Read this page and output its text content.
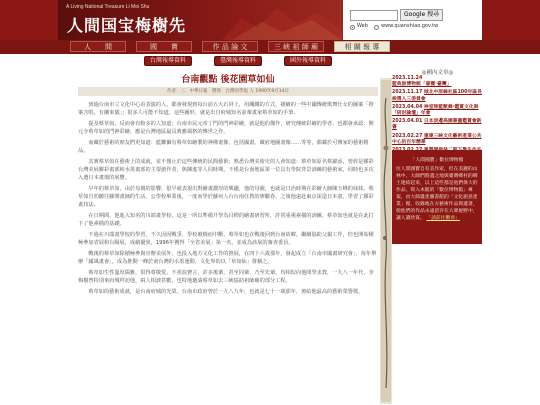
A Living National Treasure Li Mei Shu
人間国宝梅樹先
Google 搜尋
Web	www.quanshiao.gov.tw
人　　間	國　　寶	作 品 論 文	三 峽 祖 師 廟	相 關 報 導
台灣報導資料	臺灣報導資料	國外報導資料
台南觀點 後花園草如仙
作者：三．中華日報　撰寫：台灣的學報 人 1990年9月14日

到過台南市立文化中心看表演的人，都會發現到每台前五大石屏上，用繩繩的方式，描繪的一些中國傳統歌舞仕女的圖案「推案含唱，有蘭來儀」；很多人可能不知道，這些圖形，就是出自府城知名前輩畫家蔡草如的手筆。

提及蔡草如，反而會有較多的人知道；台南市民元帝丁門的門神彩繪，就是他的傑作，研究傳統彩繪的學者，也都會承認：開元寺蔡草如的門神彩繪，應是台灣地區最具典雅風格的傳世之作。

而藏於藝術的朋友們更知道：藍雛獅有蔡草如繪製的神佛畫像，包括國畫、藏府地圖畫像……等等，都藏於可傳家的藝術精品。

其實蔡草如在藝術上的成就，並不僅止於這些傳統的民間藝術；熟悉台灣美術史的人會知道：蔡草如原名蔡錦添，曾經是膠彩台灣美展膠彩畫部和水墨畫部的主要創作者，與陳進等人同時期，不僅是台南地區第一位具有學院背景訓練的藝術家，同時也多次入選日本畫壇的展覽。

早年的蔡草如，由於母親的影響，很早就表現出對繪畫濃厚的興趣，他的母親，也就是日治時期在彩繪大師陳玉峰的妹妹，蔡草如自幼聽往蘇開畫師的生活。公學校畢業後，一度而學於蘇州人台台南任教的廖繼春，之後他遠赴東京深造日本畫，學習了膠彩畫技法。

在日期間，他進入知名的川端畫學校，這是一所以準備升學為目標的繪畫研習所，許常重視素描的訓練。蔡草如也就是在此打下了他素描的基礎。

不過在川端畫學校的學習，不久因因戰爭，學校被燒而中斷，蔡草如也在戰後回到台南故鄉，繼續協助父親工作，但也開始積極參加省展和台陽展，成績優異，1996年獲得「全省美展」第一名，並成為該展的審查委員。

戰後的蔡草如除積極參與官辦美展外，也投入地方文化工作的推展，在四十六歲那年，發起成立「台南市國畫研究會」，每年舉辦「國風畫會」，成為推動一峰於南台灣的水墨運動，文化界的以「草如仙」尊稱之。

蔡草如生性溫厚儒雅，很得尊敬愛，不喜浪費言，許多後輩，甚至同輩，乃至先輩，均相似向他問學求教，一九八一年代，李梅樹曾特別來府城拜訪他，兩人相談甚歡，也特地邀請蔡草如去三峽協助祖師廟的部分工程。

蔡草如的藝術成就，是台南府城的光榮。台南市政府曾於一九八九年，也就是七十一歲那年，頒給他最高的藝術榮譽獎。

◎國內文章◎
2023.11.24 藍典說博物館「碳覆·臺灣」
2023.11.17 城北中原線社區100年區長候選人三委員會
2023.04.04 神室陸藍獸舞·鑑賞文化與「研討論壇」年會
2023.04.01 日本淡邊高園書畫鑑賞會新書
2023.02.27 重建三峽文化藝術產業公共中心的百年精華
「人間國寶」數位博物館
位人間國寶自有美作家，但在美麗的山林中，大師們將遺之地與臺灣鄉村的鄉土連結起來，以上這些都是他們偉大的作品，寫入本館的「數位博物館」專案，由大師遺產圖書館的「文化創意產業」館，收錄地在方藝術作品與遺著，使他們的作品永遠留存在大眾視野中，讓人讀欣賞。 「請前往觀看」
